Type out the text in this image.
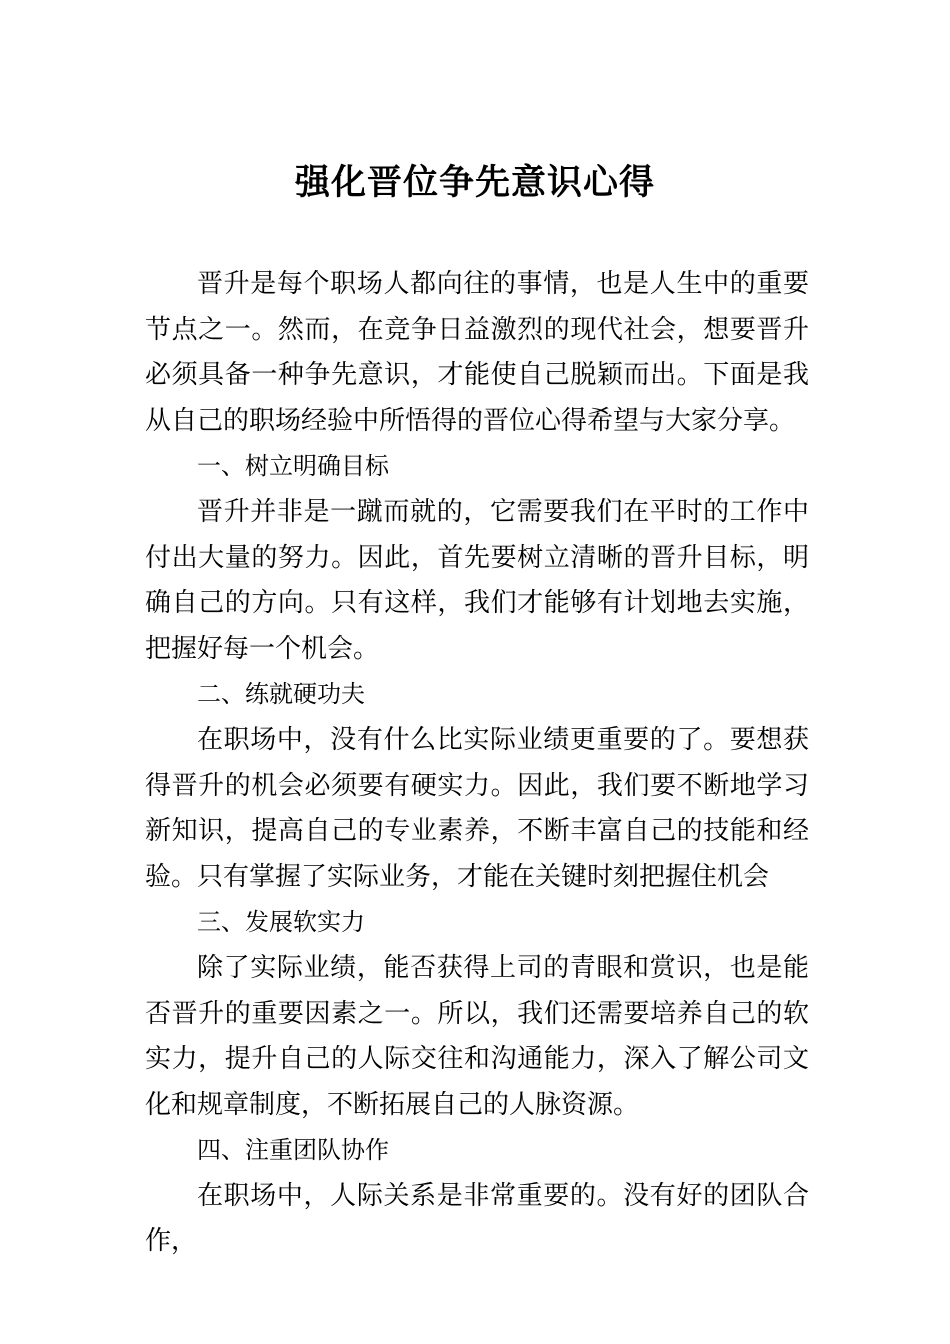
强化晋位争先意识心得

晋升是每个职场人都向往的事情，也是人生中的重要节点之一。然而，在竞争日益激烈的现代社会，想要晋升必须具备一种争先意识，才能使自己脱颖而出。下面是我从自己的职场经验中所悟得的晋位心得希望与大家分享。

一、树立明确目标

晋升并非是一蹴而就的，它需要我们在平时的工作中付出大量的努力。因此，首先要树立清晰的晋升目标，明确自己的方向。只有这样，我们才能够有计划地去实施，把握好每一个机会。

二、练就硬功夫

在职场中，没有什么比实际业绩更重要的了。要想获得晋升的机会必须要有硬实力。因此，我们要不断地学习新知识，提高自己的专业素养，不断丰富自己的技能和经验。只有掌握了实际业务，才能在关键时刻把握住机会

三、发展软实力

除了实际业绩，能否获得上司的青眼和赏识，也是能否晋升的重要因素之一。所以，我们还需要培养自己的软实力，提升自己的人际交往和沟通能力，深入了解公司文化和规章制度，不断拓展自己的人脉资源。

四、注重团队协作

在职场中，人际关系是非常重要的。没有好的团队合作，
